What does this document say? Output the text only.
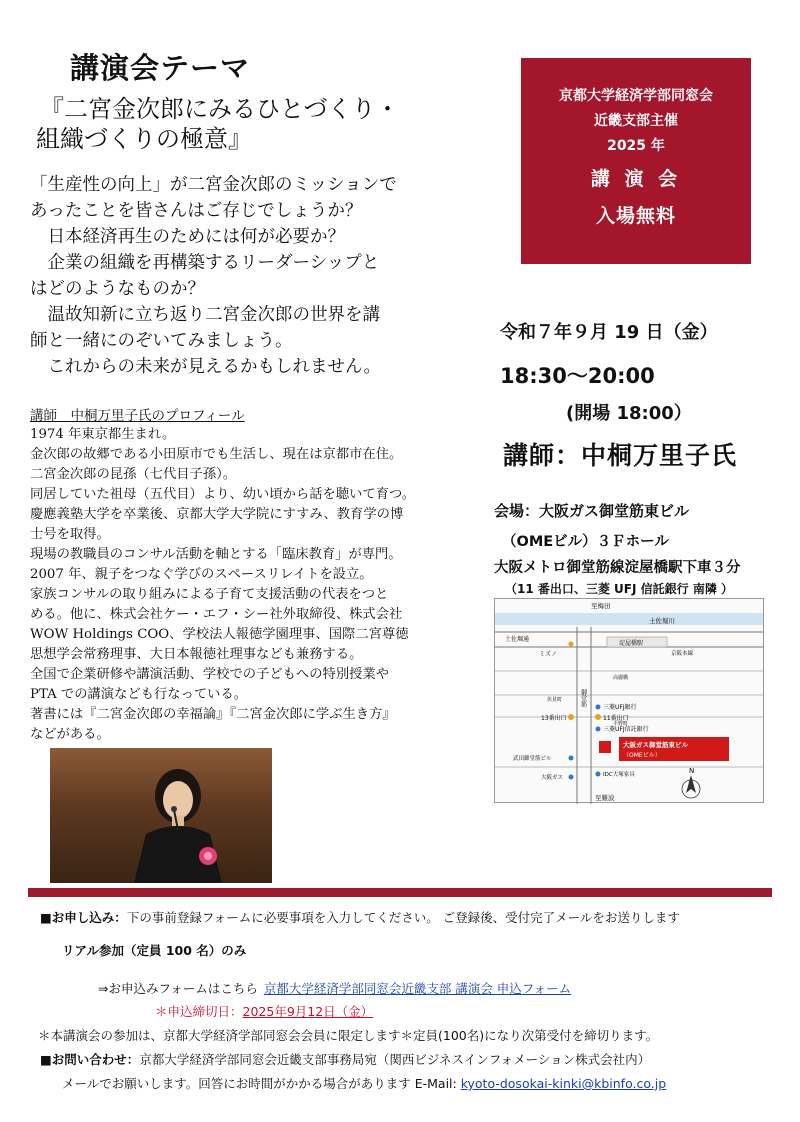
講演会テーマ
『二宮金次郎にみるひとづくり・
組織づくりの極意』

「生産性の向上」が二宮金次郎のミッションで

あったことを皆さんはご存じでしょうか？

　日本経済再生のためには何が必要か？

　企業の組織を再構築するリーダーシップと

はどのようなものか？

　温故知新に立ち返り二宮金次郎の世界を講

師と一緒にのぞいてみましょう。

　これからの未来が見えるかもしれません。

京都大学経済学部同窓会
近畿支部主催
2025 年
講 演 会
入場無料
令和７年９月 19 日（金）
18:30～20:00
(開場 18:00）
講師：中桐万里子氏
会場：大阪ガス御堂筋東ビル
（OMEビル）３Ｆホール
大阪メトロ御堂筋線淀屋橋駅下車３分
（11 番出口、三菱 UFJ 信託銀行 南隣 ）
至梅田
土佐堀川
土佐堀通
ミズノ
御堂筋
淀屋橋駅
京阪本線
高麗橋
伏見町
平野町
13番出口	11番出口
三菱UFJ銀行
三菱UFJ信託銀行
武田御堂筋ビル
大阪ガス	IDC大塚家具
大阪ガス御堂筋東ビル
（OMEビル）
N
至難波
講師　中桐万里子氏のプロフィール

1974 年東京都生まれ。

金次郎の故郷である小田原市でも生活し、現在は京都市在住。

二宮金次郎の昆孫（七代目子孫）。

同居していた祖母（五代目）より、幼い頃から話を聴いて育つ。

慶應義塾大学を卒業後、京都大学大学院にすすみ、教育学の博

士号を取得。

現場の教職員のコンサル活動を軸とする「臨床教育」が専門。

2007 年、親子をつなぐ学びのスペースリレイトを設立。

家族コンサルの取り組みによる子育て支援活動の代表をつと

める。他に、株式会社ケー・エフ・シー社外取締役、株式会社

WOW Holdings COO、学校法人報徳学園理事、国際二宮尊徳

思想学会常務理事、大日本報徳社理事なども兼務する。

全国で企業研修や講演活動、学校での子どもへの特別授業や

PTA での講演なども行なっている。

著書には『二宮金次郎の幸福論』『二宮金次郎に学ぶ生き方』

などがある。

■お申し込み：下の事前登録フォームに必要事項を入力してください。 ご登録後、受付完了メールをお送りします
リアル参加（定員 100 名）のみ
⇒お申込みフォームはこちら 京都大学経済学部同窓会近畿支部 講演会 申込フォーム
＊申込締切日：2025年9月12日（金）
＊本講演会の参加は、京都大学経済学部同窓会会員に限定します＊定員(100名)になり次第受付を締切ります。
■お問い合わせ：京都大学経済学部同窓会近畿支部事務局宛（関西ビジネスインフォメーション株式会社内）
メールでお願いします。回答にお時間がかかる場合があります E-Mail: kyoto-dosokai-kinki@kbinfo.co.jp
